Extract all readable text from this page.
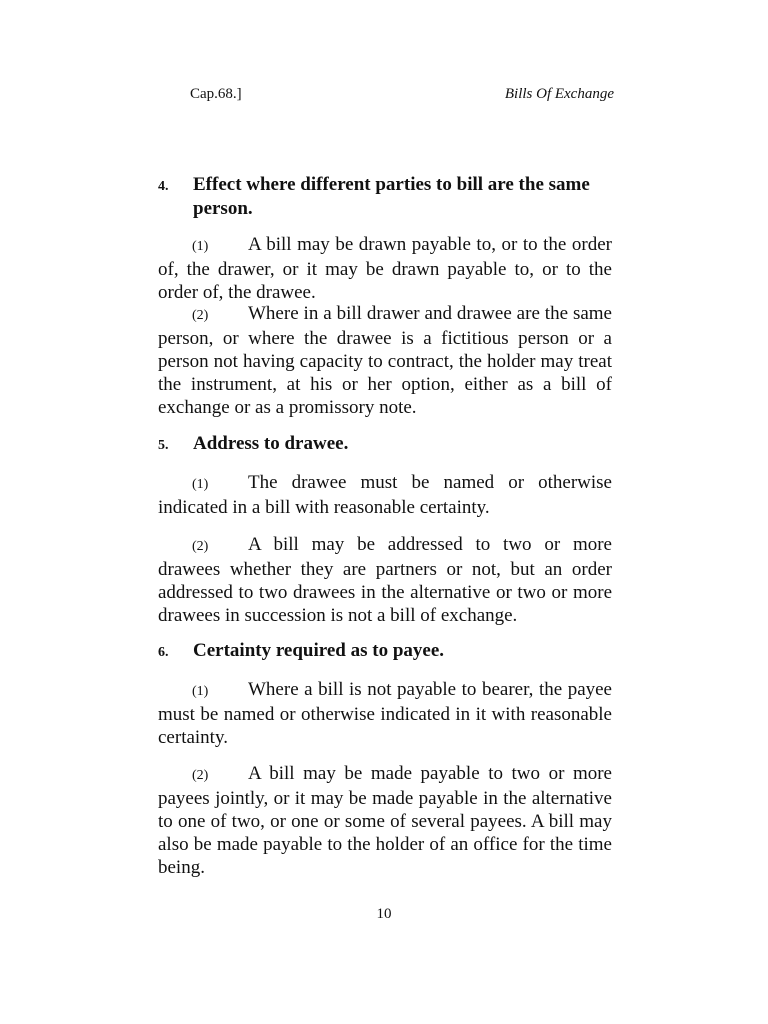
Cap.68.]	Bills Of Exchange
4. Effect where different parties to bill are the same person.
(1) A bill may be drawn payable to, or to the order of, the drawer, or it may be drawn payable to, or to the order of, the drawee.
(2) Where in a bill drawer and drawee are the same person, or where the drawee is a fictitious person or a person not having capacity to contract, the holder may treat the instrument, at his or her option, either as a bill of exchange or as a promissory note.
5. Address to drawee.
(1) The drawee must be named or otherwise indicated in a bill with reasonable certainty.
(2) A bill may be addressed to two or more drawees whether they are partners or not, but an order addressed to two drawees in the alternative or two or more drawees in succession is not a bill of exchange.
6. Certainty required as to payee.
(1) Where a bill is not payable to bearer, the payee must be named or otherwise indicated in it with reasonable certainty.
(2) A bill may be made payable to two or more payees jointly, or it may be made payable in the alternative to one of two, or one or some of several payees. A bill may also be made payable to the holder of an office for the time being.
10
